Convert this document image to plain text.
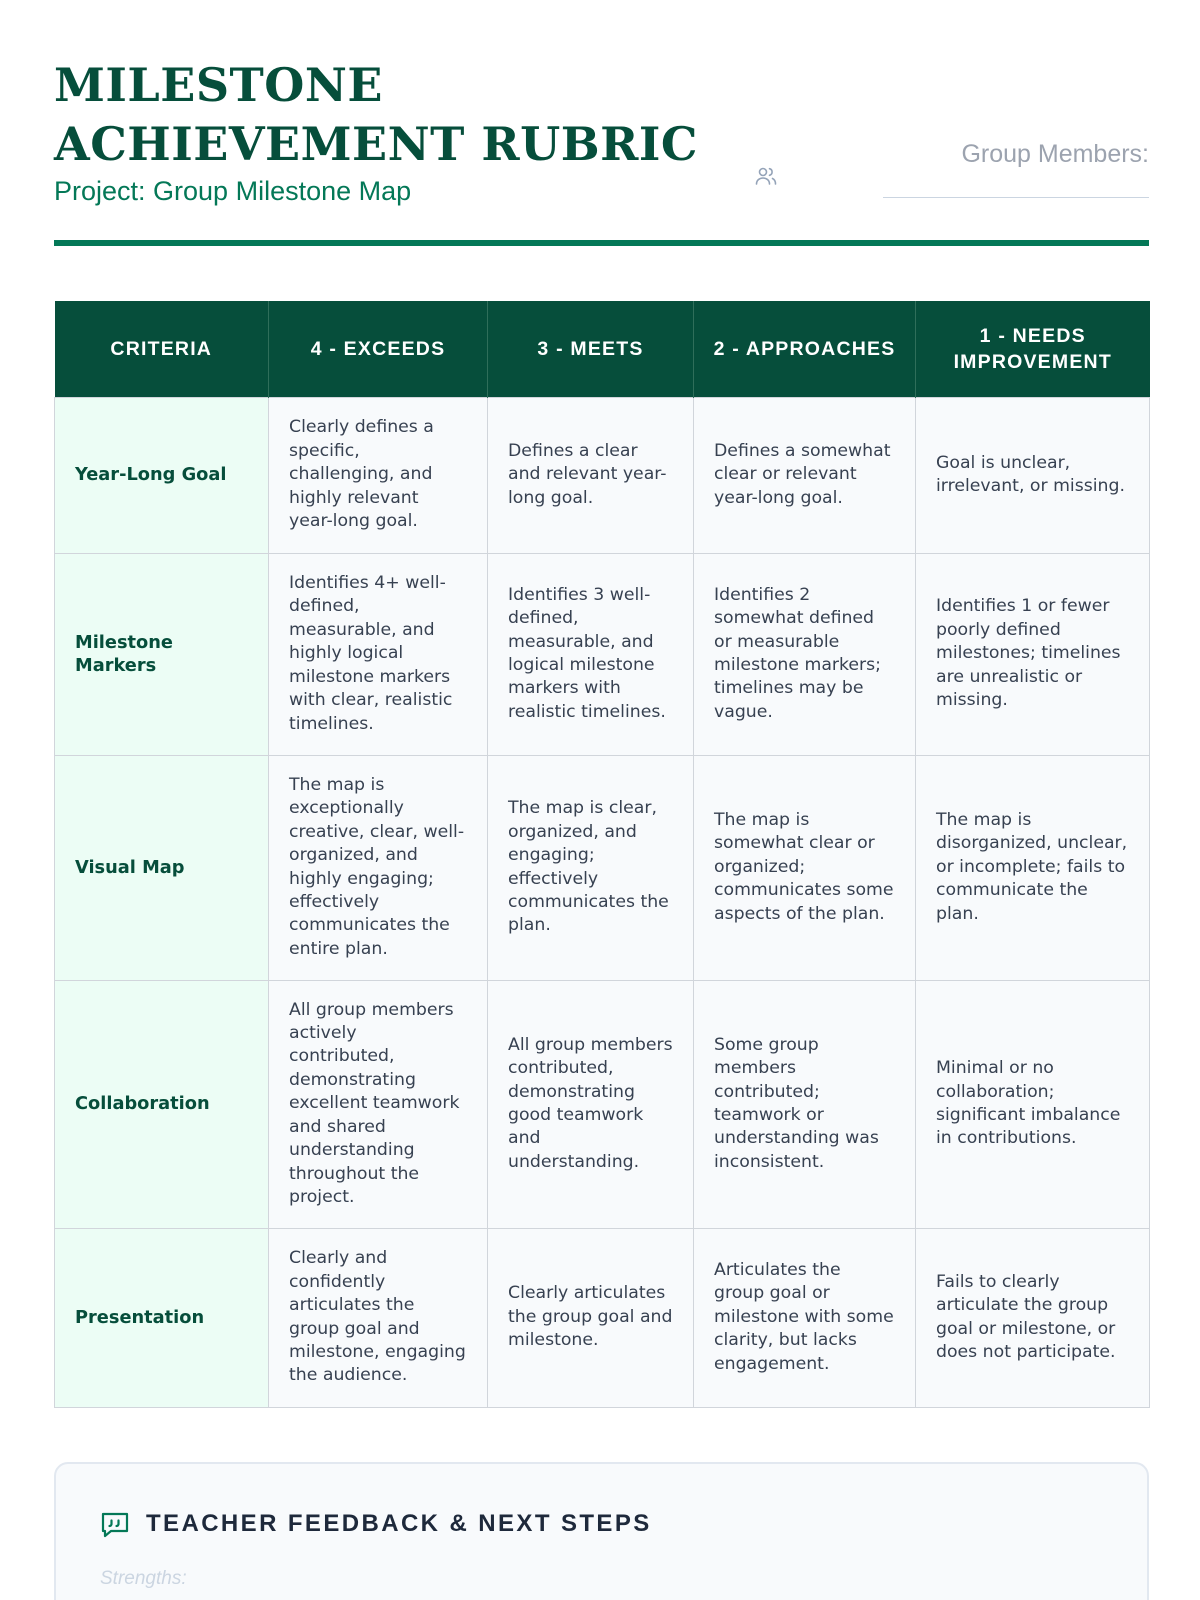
MILESTONE ACHIEVEMENT RUBRIC
Project: Group Milestone Map
Group Members:
CRITERIA	4 - EXCEEDS	3 - MEETS	2 - APPROACHES	1 - NEEDS IMPROVEMENT
Year-Long Goal	Clearly defines a specific, challenging, and highly relevant year-long goal.	Defines a clear and relevant year-long goal.	Defines a somewhat clear or relevant year-long goal.	Goal is unclear, irrelevant, or missing.
Milestone Markers	Identifies 4+ well-defined, measurable, and highly logical milestone markers with clear, realistic timelines.	Identifies 3 well-defined, measurable, and logical milestone markers with realistic timelines.	Identifies 2 somewhat defined or measurable milestone markers; timelines may be vague.	Identifies 1 or fewer poorly defined milestones; timelines are unrealistic or missing.
Visual Map	The map is exceptionally creative, clear, well-organized, and highly engaging; effectively communicates the entire plan.	The map is clear, organized, and engaging; effectively communicates the plan.	The map is somewhat clear or organized; communicates some aspects of the plan.	The map is disorganized, unclear, or incomplete; fails to communicate the plan.
Collaboration	All group members actively contributed, demonstrating excellent teamwork and shared understanding throughout the project.	All group members contributed, demonstrating good teamwork and understanding.	Some group members contributed; teamwork or understanding was inconsistent.	Minimal or no collaboration; significant imbalance in contributions.
Presentation	Clearly and confidently articulates the group goal and milestone, engaging the audience.	Clearly articulates the group goal and milestone.	Articulates the group goal or milestone with some clarity, but lacks engagement.	Fails to clearly articulate the group goal or milestone, or does not participate.
TEACHER FEEDBACK & NEXT STEPS
Strengths:
